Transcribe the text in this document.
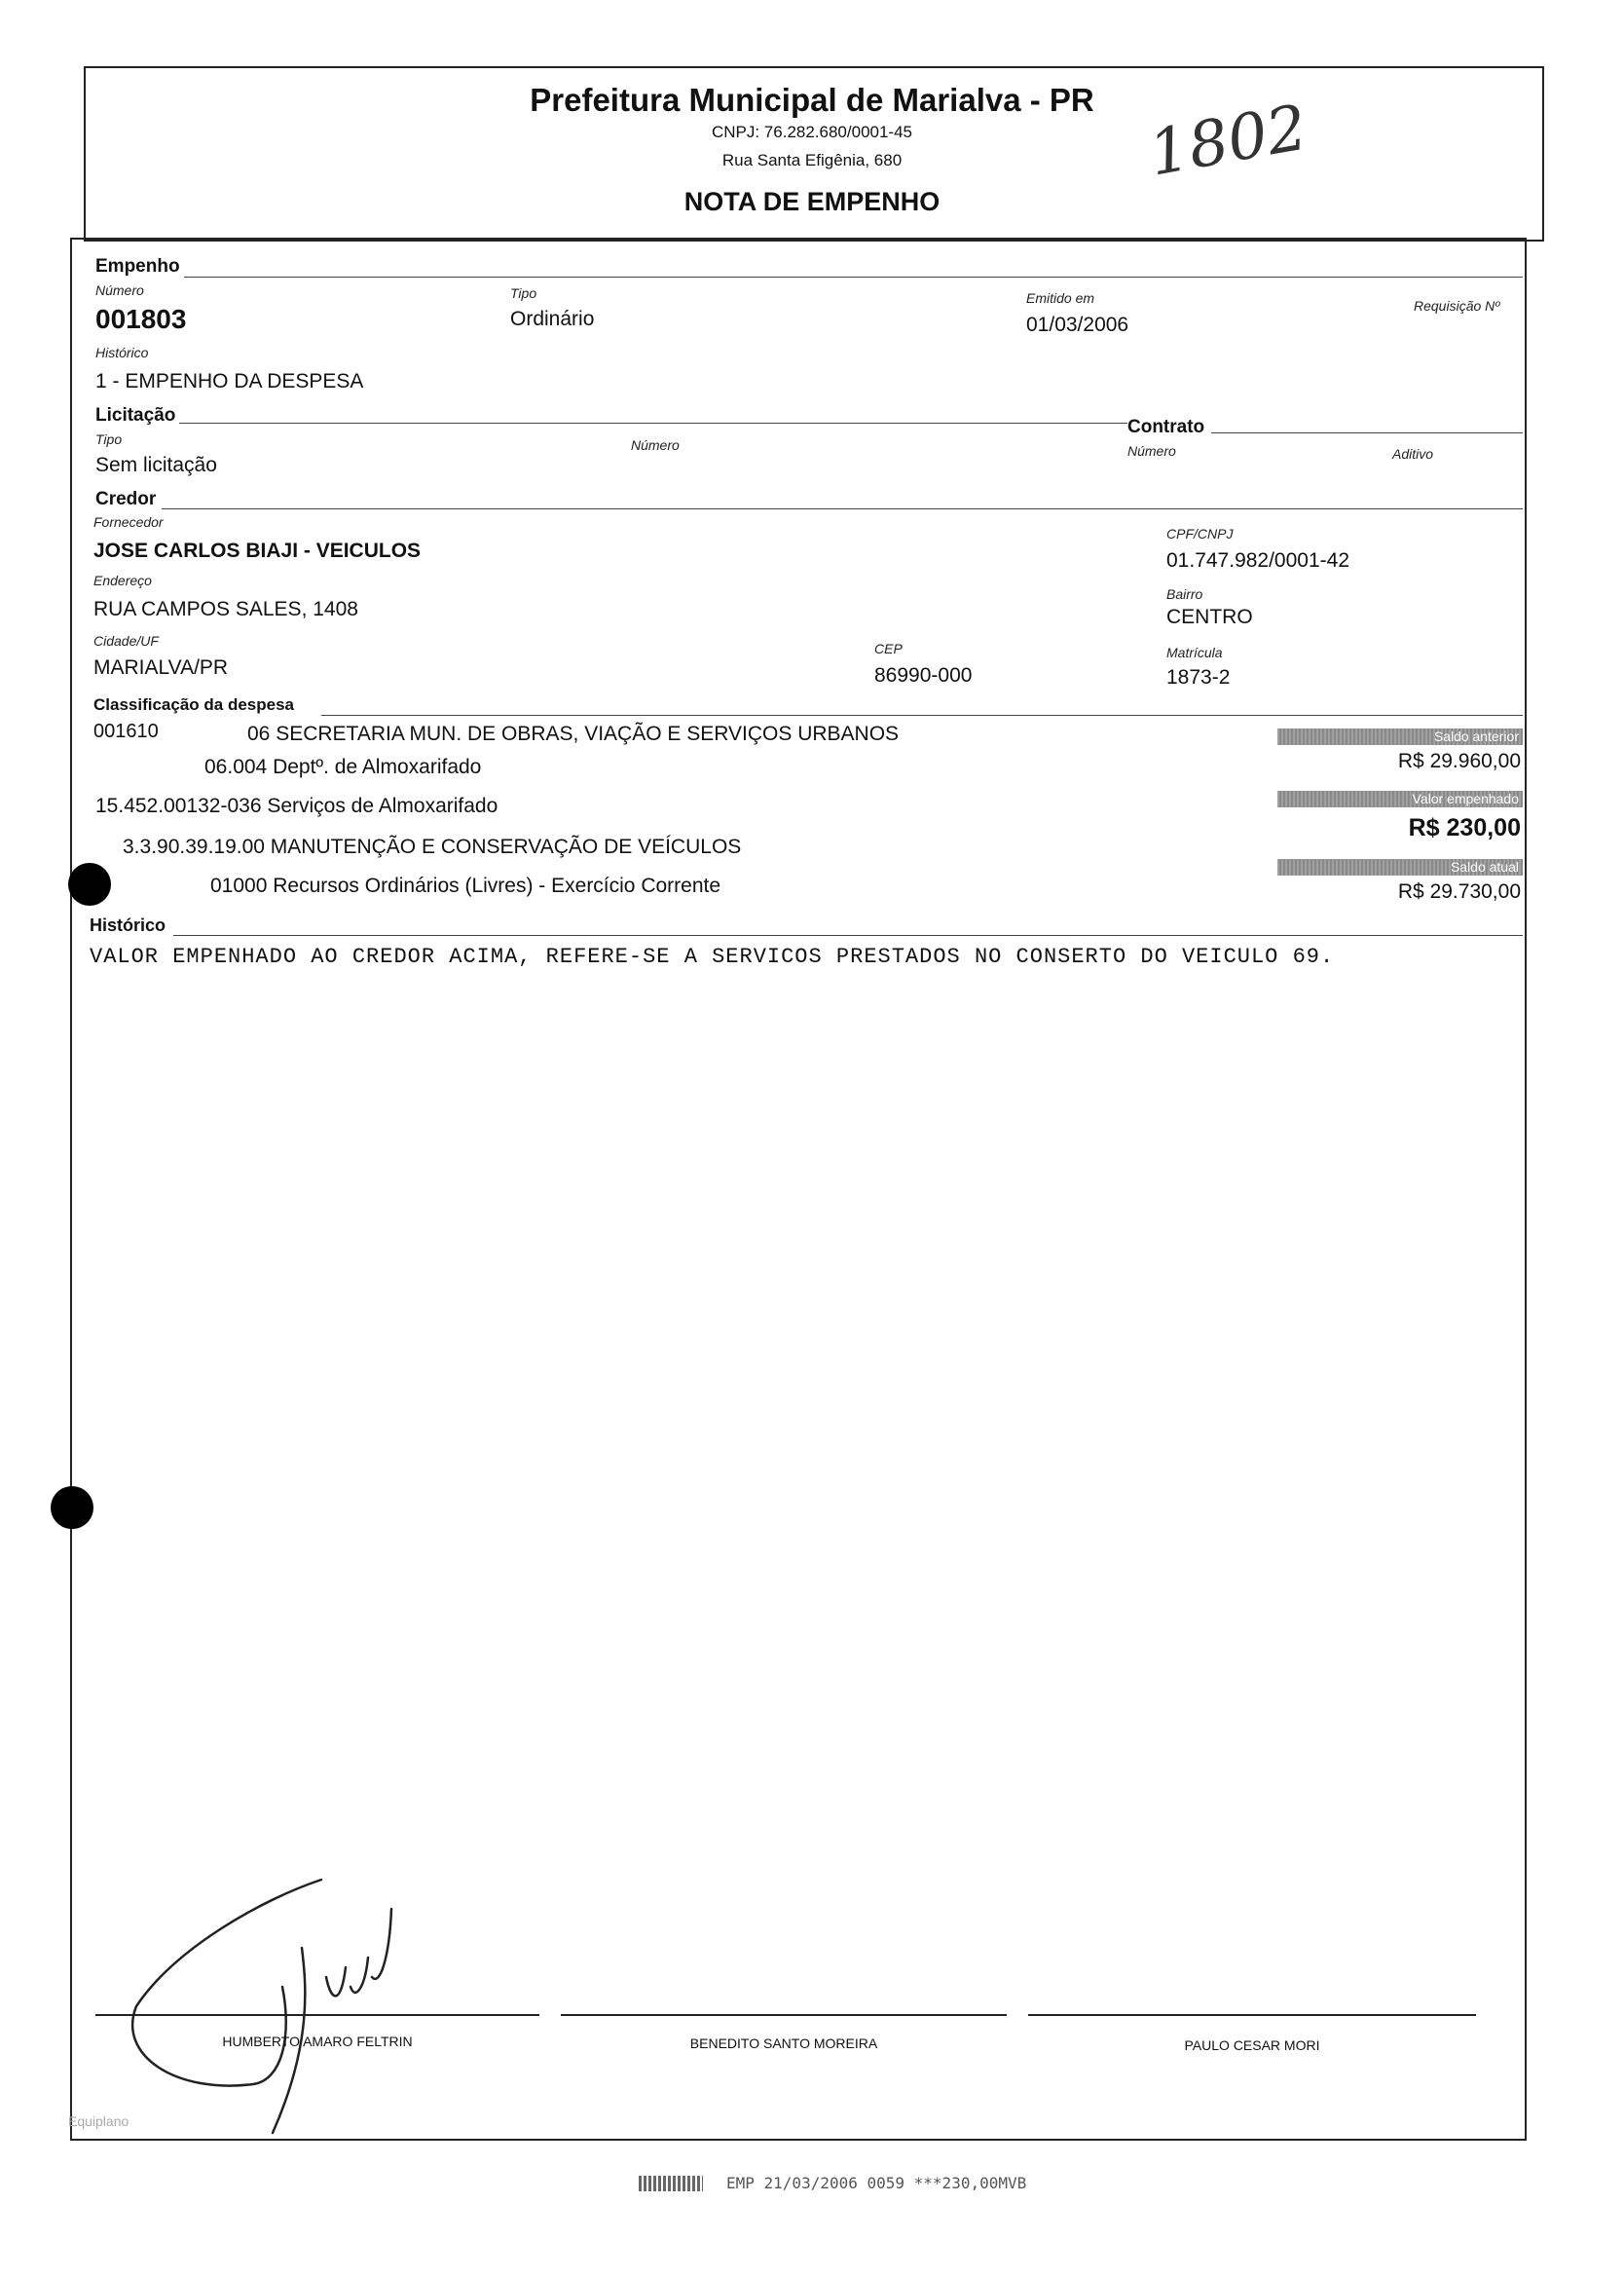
Prefeitura Municipal de Marialva - PR
CNPJ: 76.282.680/0001-45
Rua Santa Efigênia, 680
NOTA DE EMPENHO
1802
Empenho
Número
001803
Tipo
Ordinário
Emitido em
01/03/2006
Requisição Nº
Histórico
1 - EMPENHO DA DESPESA
Licitação
Tipo
Sem licitação
Número
Contrato
Número	Aditivo
Credor
Fornecedor
JOSE CARLOS BIAJI - VEICULOS
CPF/CNPJ
01.747.982/0001-42
Endereço
RUA CAMPOS SALES, 1408
Bairro
CENTRO
Cidade/UF
MARIALVA/PR
CEP
86990-000
Matrícula
1873-2
Classificação da despesa
001610	06 SECRETARIA MUN. DE OBRAS, VIAÇÃO E SERVIÇOS URBANOS
06.004 Deptº. de Almoxarifado
15.452.00132-036 Serviços de Almoxarifado
3.3.90.39.19.00 MANUTENÇÃO E CONSERVAÇÃO DE VEÍCULOS
01000 Recursos Ordinários (Livres) - Exercício Corrente
Saldo anterior
R$ 29.960,00
Valor empenhado
R$ 230,00
Saldo atual
R$ 29.730,00
Histórico
VALOR EMPENHADO AO CREDOR ACIMA, REFERE-SE A SERVICOS PRESTADOS NO CONSERTO DO VEICULO 69.
HUMBERTO AMARO FELTRIN	BENEDITO SANTO MOREIRA	PAULO CESAR MORI
Equiplano
EMP 21/03/2006 0059 ***230,00MVB
